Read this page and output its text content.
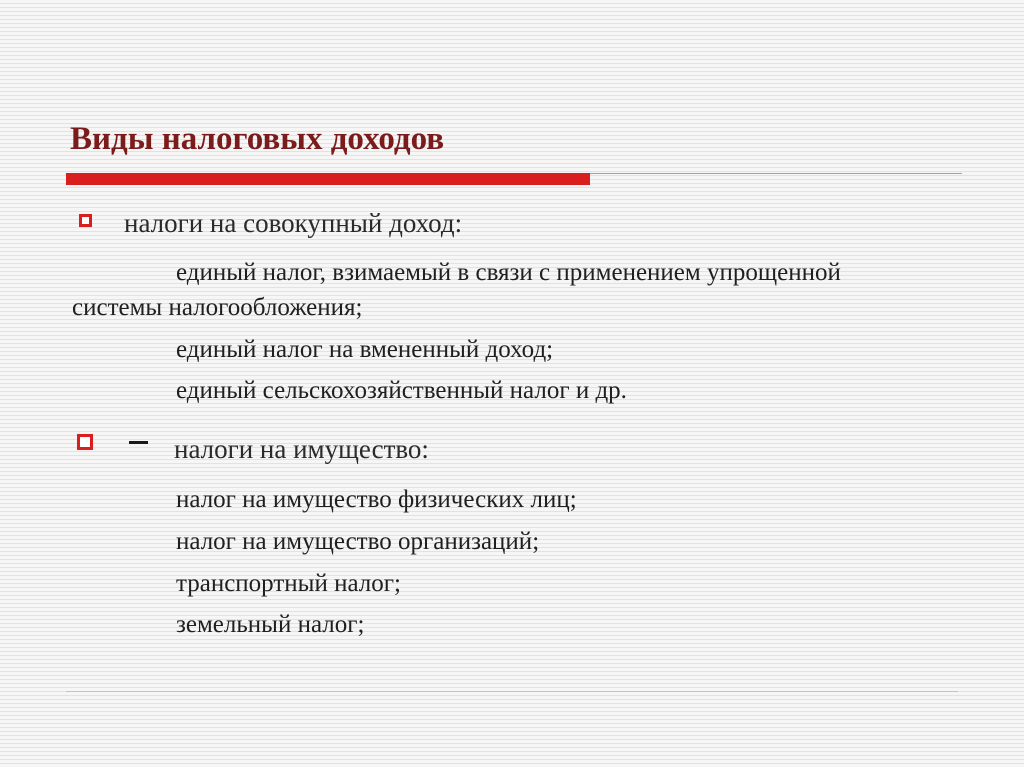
Виды налоговых доходов
налоги на совокупный доход:
единый налог, взимаемый в связи с применением упрощенной
системы налогообложения;
единый налог на вмененный доход;
единый сельскохозяйственный налог и др.
налоги на имущество:
налог на имущество физических лиц;
налог на имущество организаций;
транспортный налог;
земельный налог;
